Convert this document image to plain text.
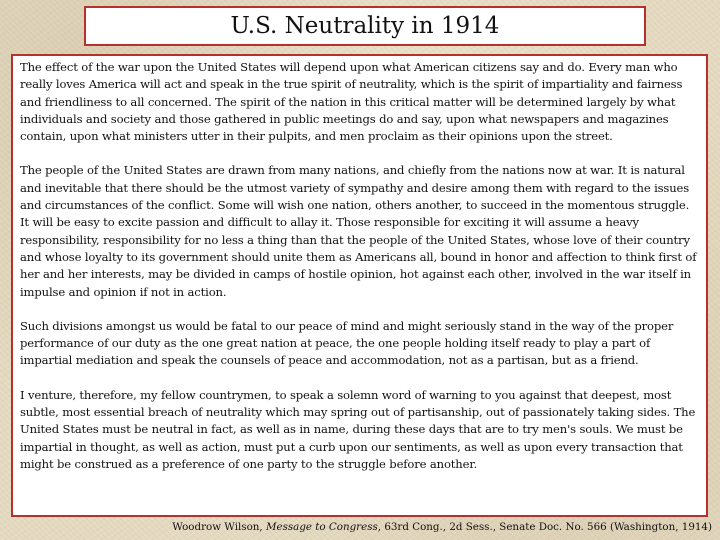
U.S. Neutrality in 1914

The effect of the war upon the United States will depend upon what American citizens say and do. Every man who really loves America will act and speak in the true spirit of neutrality, which is the spirit of impartiality and fairness and friendliness to all concerned. The spirit of the nation in this critical matter will be determined largely by what individuals and society and those gathered in public meetings do and say, upon what newspapers and magazines contain, upon what ministers utter in their pulpits, and men proclaim as their opinions upon the street.

The people of the United States are drawn from many nations, and chiefly from the nations now at war. It is natural and inevitable that there should be the utmost variety of sympathy and desire among them with regard to the issues and circumstances of the conflict. Some will wish one nation, others another, to succeed in the momentous struggle. It will be easy to excite passion and difficult to allay it. Those responsible for exciting it will assume a heavy responsibility, responsibility for no less a thing than that the people of the United States, whose love of their country and whose loyalty to its government should unite them as Americans all, bound in honor and affection to think first of her and her interests, may be divided in camps of hostile opinion, hot against each other, involved in the war itself in impulse and opinion if not in action.

Such divisions amongst us would be fatal to our peace of mind and might seriously stand in the way of the proper performance of our duty as the one great nation at peace, the one people holding itself ready to play a part of impartial mediation and speak the counsels of peace and accommodation, not as a partisan, but as a friend.

I venture, therefore, my fellow countrymen, to speak a solemn word of warning to you against that deepest, most subtle, most essential breach of neutrality which may spring out of partisanship, out of passionately taking sides. The United States must be neutral in fact, as well as in name, during these days that are to try men's souls. We must be impartial in thought, as well as action, must put a curb upon our sentiments, as well as upon every transaction that might be construed as a preference of one party to the struggle before another.

Woodrow Wilson, Message to Congress, 63rd Cong., 2d Sess., Senate Doc. No. 566 (Washington, 1914)
